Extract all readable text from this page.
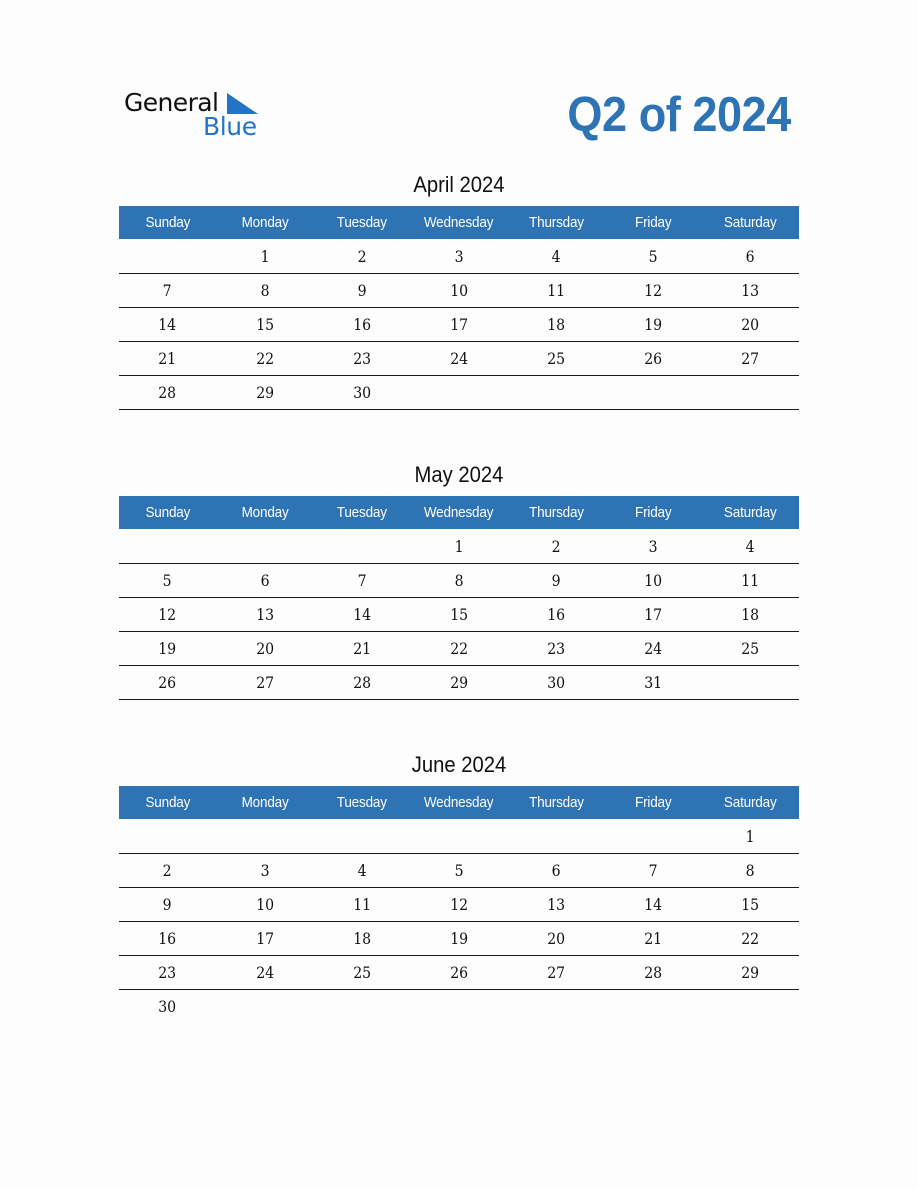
General
Blue	Q2 of 2024
April 2024
Sunday	Monday	Tuesday	Wednesday	Thursday	Friday	Saturday
	1	2	3	4	5	6
7	8	9	10	11	12	13
14	15	16	17	18	19	20
21	22	23	24	25	26	27
28	29	30				
May 2024
Sunday	Monday	Tuesday	Wednesday	Thursday	Friday	Saturday
			1	2	3	4
5	6	7	8	9	10	11
12	13	14	15	16	17	18
19	20	21	22	23	24	25
26	27	28	29	30	31	
June 2024
Sunday	Monday	Tuesday	Wednesday	Thursday	Friday	Saturday
						1
2	3	4	5	6	7	8
9	10	11	12	13	14	15
16	17	18	19	20	21	22
23	24	25	26	27	28	29
30						
